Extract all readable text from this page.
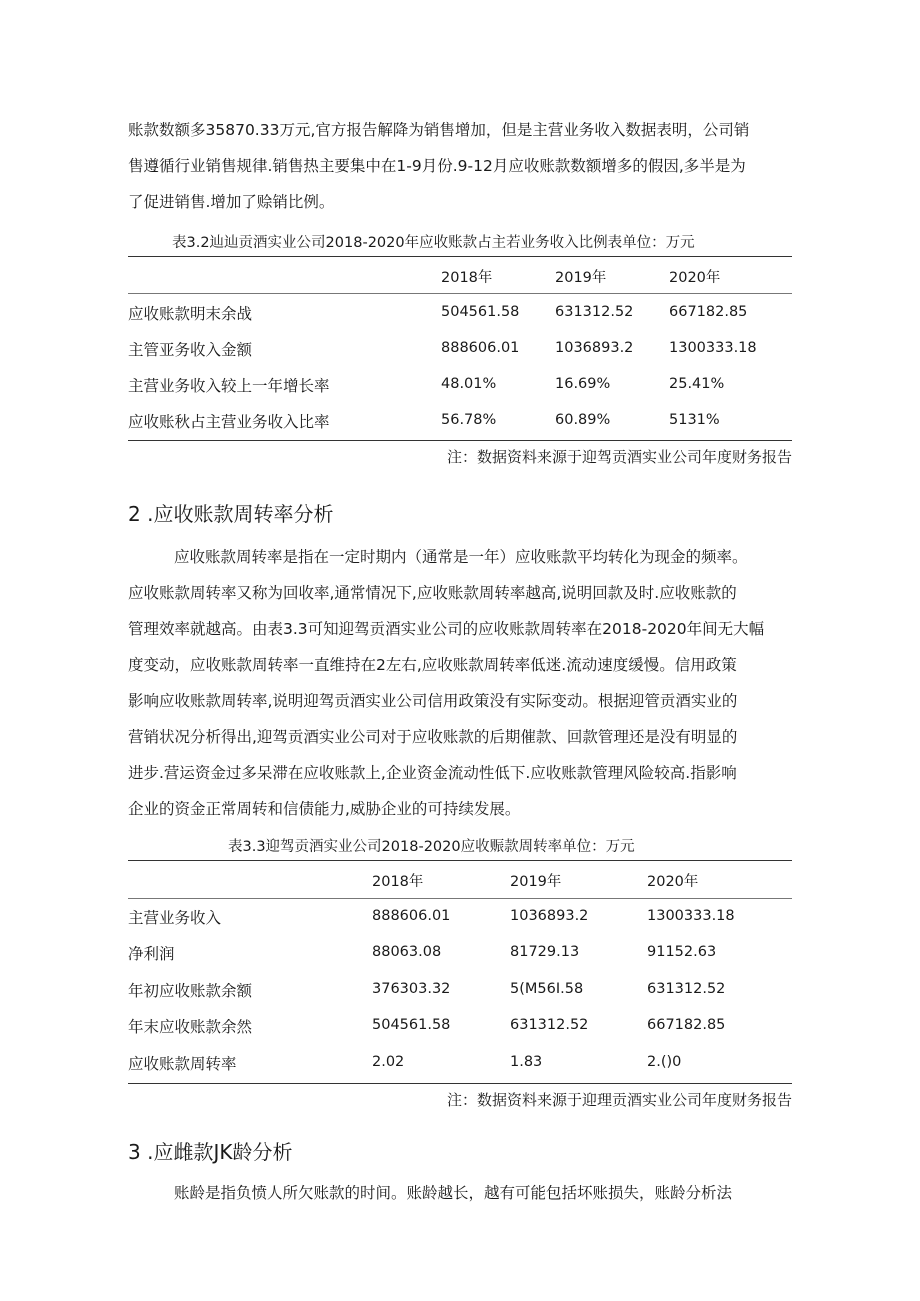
账款数额多35870.33万元,官方报告解降为销售增加，但是主营业务收入数据表明，公司销
售遵循行业销售规律.销售热主要集中在1-9月份.9-12月应收账款数额增多的假因,多半是为
了促进销售.增加了赊销比例。
表3.2辿辿贡酒实业公司2018-2020年应收账款占主若业务收入比例表单位：万元
2018年	2019年	2020年
应收账款明末余战	504561.58 631312.52 667182.85
主管亚务收入金额	888606.01 1036893.2 1300333.18
主营业务收入较上一年增长率	48.01%	16.69%	25.41%
应收账秋占主营业务收入比率	56.78%	60.89%	5131%
注：数据资料来源于迎驾贡酒实业公司年度财务报告
2 .应收账款周转率分析
应收账款周转率是指在一定时期内（通常是一年）应收账款平均转化为现金的频率。
应收账款周转率又称为回收率,通常情况下,应收账款周转率越高,说明回款及时.应收账款的
管理效率就越高。由表3.3可知迎驾贡酒实业公司的应收账款周转率在2018-2020年间无大幅
度变动，应收账款周转率一直维持在2左右,应收账款周转率低迷.流动速度缓慢。信用政策
影响应收账款周转率,说明迎驾贡酒实业公司信用政策没有实际变动。根据迎管贡酒实业的
营销状况分析得出,迎驾贡酒实业公司对于应收账款的后期催款、回款管理还是没有明显的
进步.营运资金过多呆滞在应收账款上,企业资金流动性低下.应收账款管理风险较高.指影响
企业的资金正常周转和信债能力,威胁企业的可持续发展。
表3.3迎驾贡酒实业公司2018-2020应收赈款周转率单位：万元
2018年	2019年	2020年
主营业务收入	888606.01	1036893.2	1300333.18
净利润	88063.08	81729.13	91152.63
年初应收账款余额	376303.32	5(M56I.58	631312.52
年末应收账款余然	504561.58	631312.52	667182.85
应收账款周转率	2.02	1.83	2.()0
注：数据资料来源于迎理贡酒实业公司年度财务报告
3 .应雌款JK龄分析
账龄是指负愤人所欠账款的时间。账龄越长，越有可能包括坏账损失，账龄分析法
